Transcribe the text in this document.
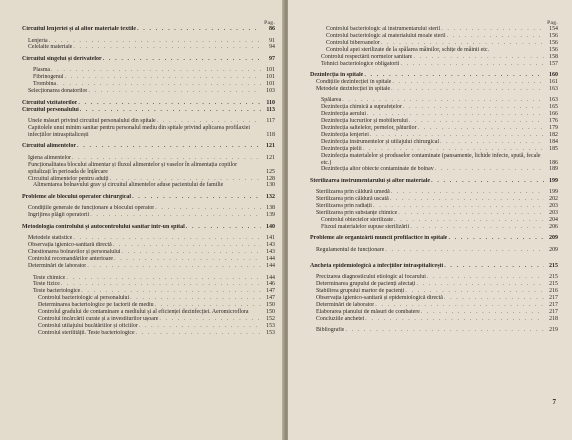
Pag.
Circuitul lenjeriei și al altor materiale textile . . .	86
Lenjeria . . .	91
Celelalte materiale . . .	94
Circuitul sîngelui și derivatelor . . .	97
Plasma . . .	101
Fibrinogenul . . .	101
Trombina . . .	101
Selecționarea donatorilor . . .	103
Circuitul vizitatorilor . . .	110
Circuitul personalului . . .	113
Unele măsuri privind circuitul personalului din spitale . . .	117
Capitolele unui minim sanitar pentru personalul mediu din spitale privind aplicarea profilaxiei infecțiilor intraspitalicești	118
Circuitul alimentelor . . .	121
Igiena alimentelor . . .	121
Funcționalitatea blocului alimentar și fluxul alimentelor și vaselor în alimentația copiilor spitalizați în perioada de înțărcare	125
Circuitul alimentelor pentru adulți . . .	128
Alimentarea bolnavului grav și circuitul alimentelor aduse pacientului de familie	130
Probleme ale blocului operator chirurgical . . .	132
Condițiile generale de funcționare a blocului operator . . .	138
Îngrijirea plăgii operatorii . . .	139
Metodologia controlului și autocontrolului sanitar într-un spital . . .	140
Metodele statistice . . .	141
Observația igienico-sanitară directă . . .	143
Chestionarea bolnavilor și personalului . . .	143
Controlul recomandărilor anterioare . . .	144
Determinări de laborator . . .	144
Teste chimice . . .	144
Teste fizice . . .	146
Teste bacteriologice . . .	147
Controlul bacteriologic al personalului . . .	147
Determinarea bacteriologice pe factorii de mediu . . .	150
Controlul gradului de contaminare a mediului și al eficienței dezinfecției. Aeromicroflora	150
Controlul încărcării curate și a investiturilor ușoare . . .	152
Controlul utilajului bucătăriilor și oficiilor . . .	153
Controlul sterilității. Teste bacteriologice . . .	153
Pag.
Controlul bacteriologic al instrumentarului steril . . .	154
Controlul bacteriologic al materialului moale steril . . .	156
Controlul biberoanelor . . .	156
Controlul apei sterilizate de la spălarea mâinilor, schițe de mâinii etc.	156
Controlul respectării normelor sanitare . . .	158
Tehnici bacteriologice obligatorii . . .	157
Dezinfecția în spitale . . .	160
Condițiile dezinfecției în spitale . . .	161
Metodele dezinfecției în spitale . . .	163
Spălarea . . .	163
Dezinfecția chimică a suprafețelor . . .	165
Dezinfecția aerului . . .	166
Dezinfecția lucrurilor și mobilierului . . .	176
Dezinfecția saltelelor, pernelor, păturilor . . .	179
Dezinfecția lenjeriei . . .	182
Dezinfecția instrumentelor și utilajului chirurgical . . .	184
Dezinfecția pielii . . .	185
Dezinfecția materialelor și produselor contaminate (pansamente, lichide infecte, spută, fecale etc.)	186
Dezinfecția altor obiecte contaminate de bolnav . . .	189
Sterilizarea instrumentarului și altor materiale . . .	199
Sterilizarea prin căldură umedă . . .	199
Sterilizarea prin căldură uscată . . .	202
Sterilizarea prin radiații . . .	203
Sterilizarea prin substanțe chimice . . .	203
Controlul obiectelor sterilizate . . .	204
Fluxul materialelor supuse sterilizării . . .	206
Probleme ale organizării muncii profilactice în spitale . . .	209
Regulamentul de funcționare . . .	209
Ancheta epidemiologică a infecțiilor intraspitalicești . . .	215
Precizarea diagnosticului etiologic al focarului . . .	215
Determinarea grupului de pacienți afectați . . .	215
Stabilirea grupului martor de pacienți . . .	216
Observația igienico-sanitară și epidemiologică directă . . .	217
Determinări de laborator . . .	217
Elaborarea planului de măsuri de combatere . . .	217
Concluziile anchetei . . .	218
Bibliografie . . .	219
7
